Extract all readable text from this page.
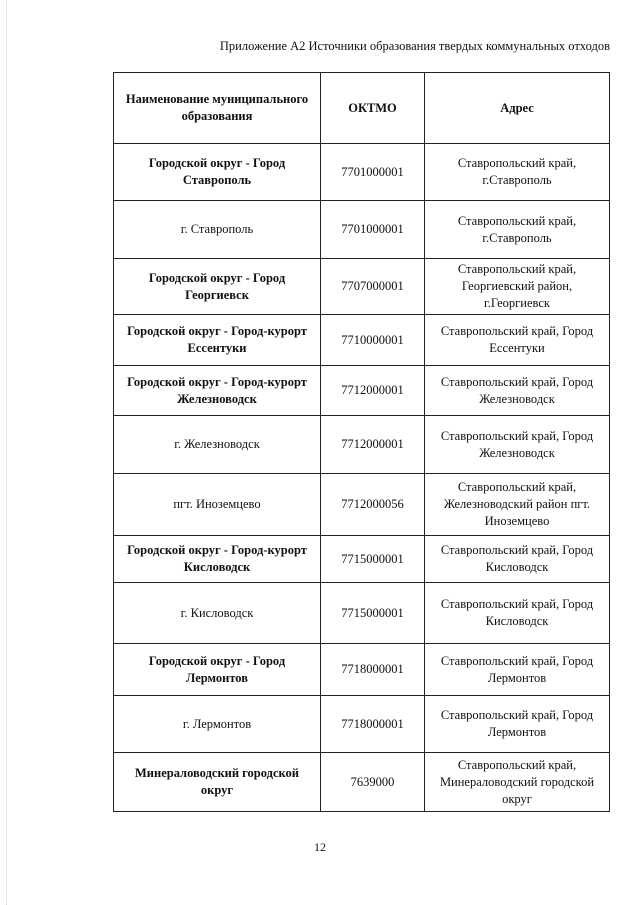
Приложение А2 Источники образования твердых коммунальных отходов
Наименование муниципального образования	ОКТМО	Адрес
Городской округ - Город Ставрополь	7701000001	Ставропольский край, г.Ставрополь
г. Ставрополь	7701000001	Ставропольский край, г.Ставрополь
Городской округ - Город Георгиевск	7707000001	Ставропольский край, Георгиевский район, г.Георгиевск
Городской округ - Город-курорт Ессентуки	7710000001	Ставропольский край, Город Ессентуки
Городской округ - Город-курорт Железноводск	7712000001	Ставропольский край, Город Железноводск
г. Железноводск	7712000001	Ставропольский край, Город Железноводск
пгт. Иноземцево	7712000056	Ставропольский край, Железноводский район пгт. Иноземцево
Городской округ - Город-курорт Кисловодск	7715000001	Ставропольский край, Город Кисловодск
г. Кисловодск	7715000001	Ставропольский край, Город Кисловодск
Городской округ - Город Лермонтов	7718000001	Ставропольский край, Город Лермонтов
г. Лермонтов	7718000001	Ставропольский край, Город Лермонтов
Минераловодский городской округ	7639000	Ставропольский край, Минераловодский городской округ
12
